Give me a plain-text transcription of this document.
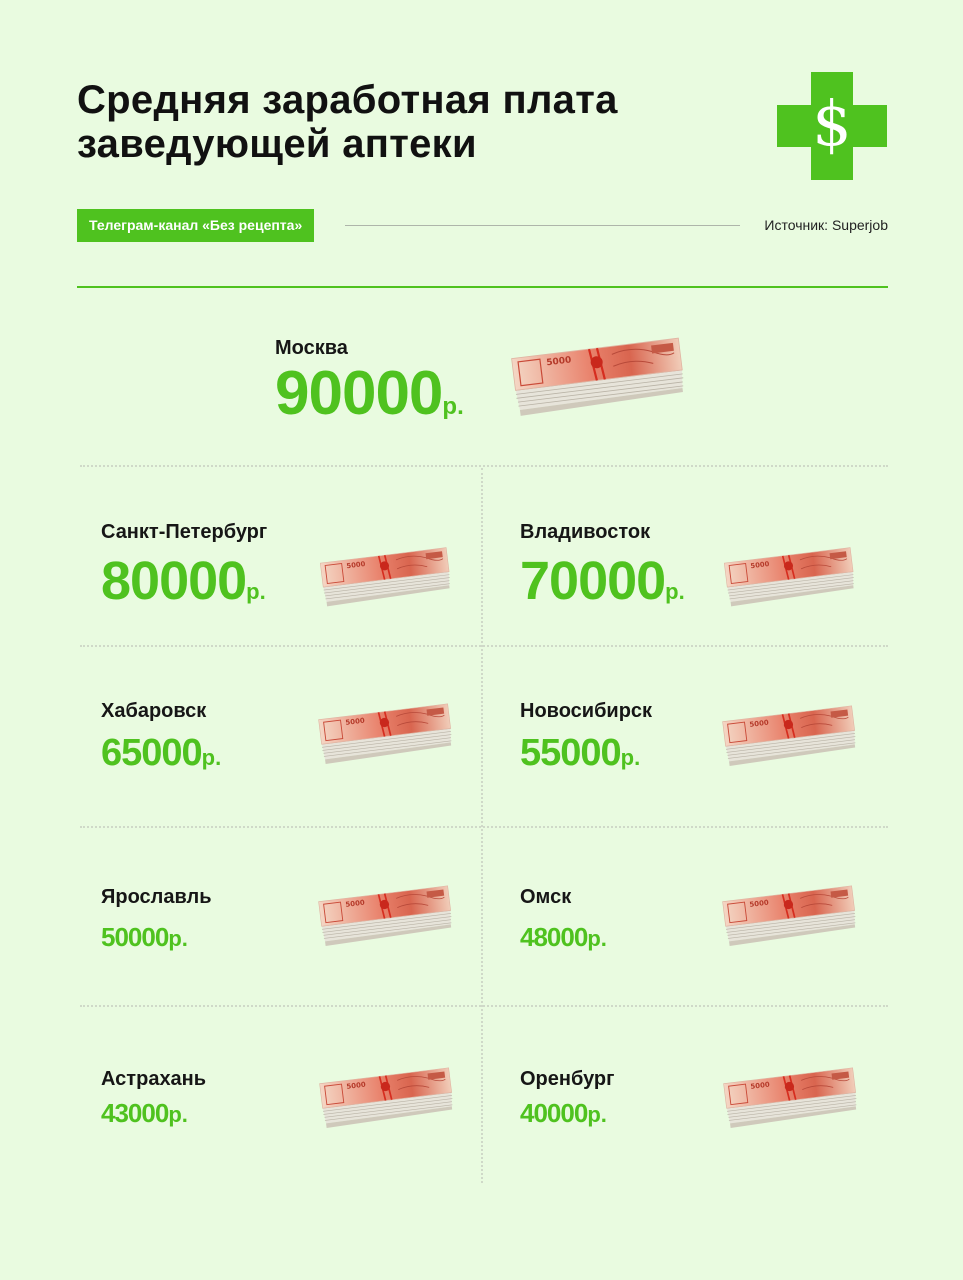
Средняя заработная плата
заведующей аптеки	$
Телеграм-канал «Без рецепта»	Источник: Superjob
Москва
90000р.
Санкт-Петербург
80000р.
Владивосток
70000р.
Хабаровск
65000р.
Новосибирск
55000р.
Ярославль
50000р.
Омск
48000р.
Астрахань
43000р.
Оренбург
40000р.
